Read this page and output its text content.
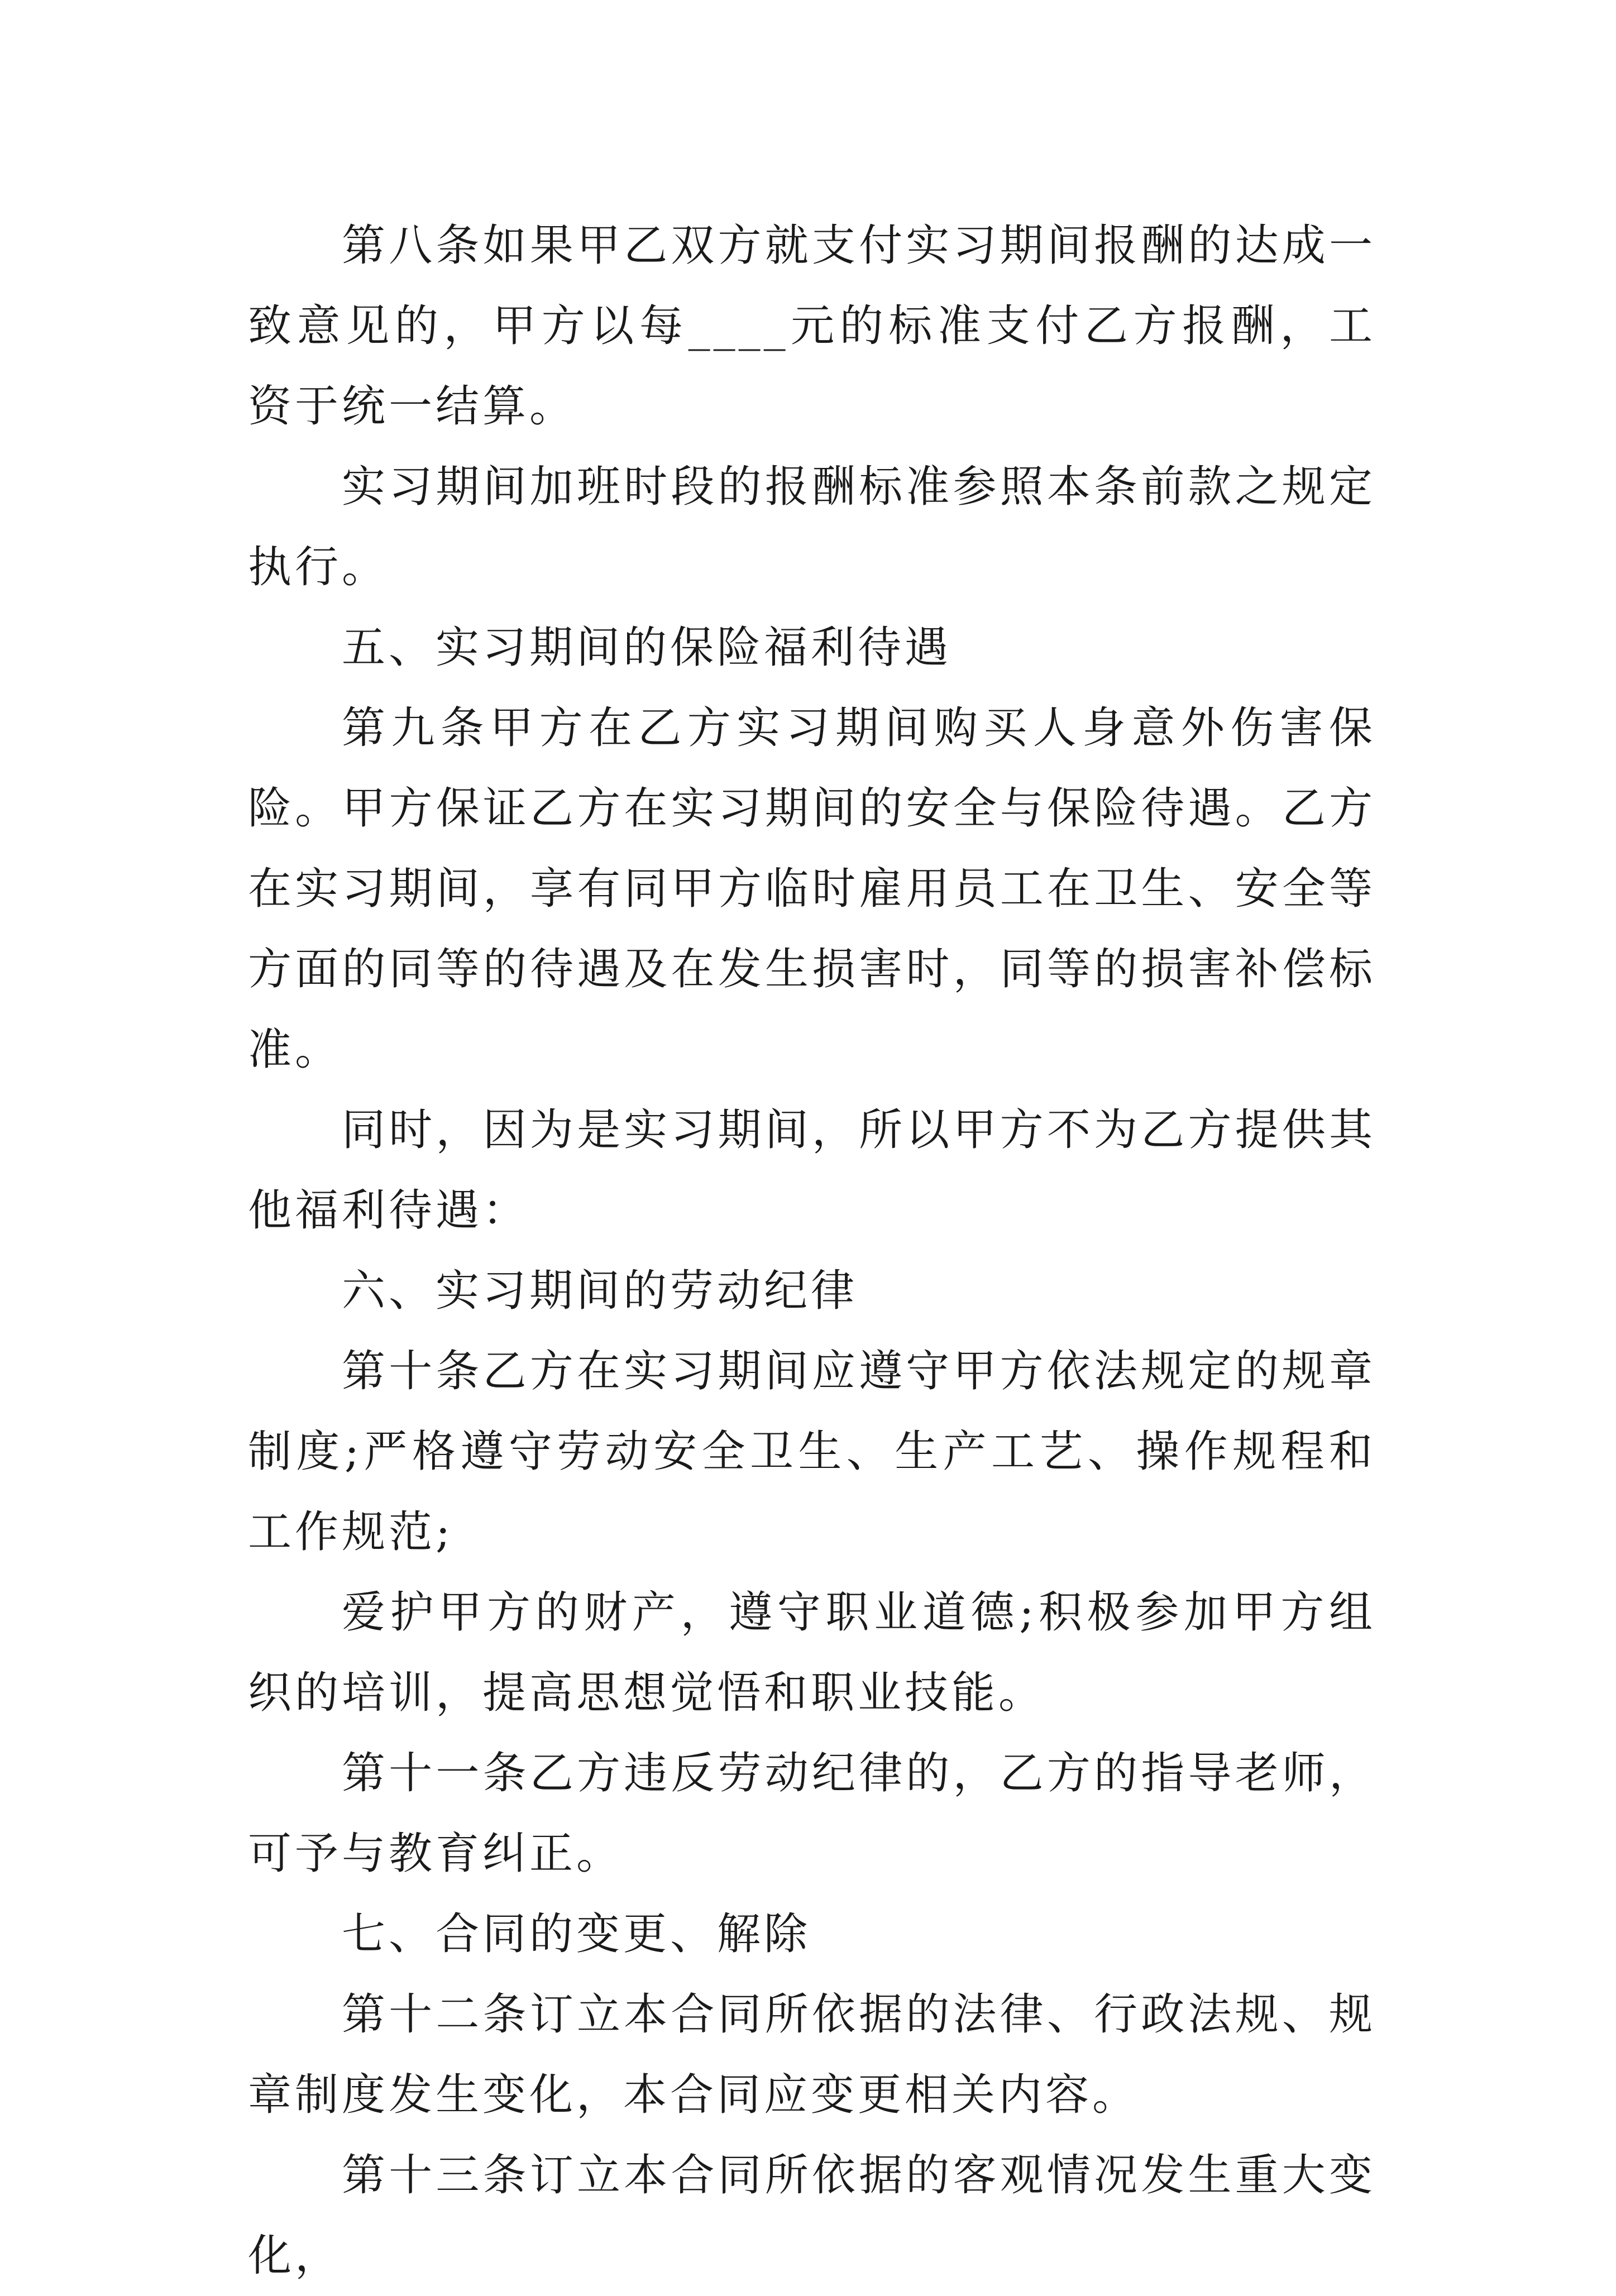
第八条如果甲乙双方就支付实习期间报酬的达成一致意见的，甲方以每____元的标准支付乙方报酬，工资于统一结算。

实习期间加班时段的报酬标准参照本条前款之规定执行。

五、实习期间的保险福利待遇

第九条甲方在乙方实习期间购买人身意外伤害保险。甲方保证乙方在实习期间的安全与保险待遇。乙方在实习期间，享有同甲方临时雇用员工在卫生、安全等方面的同等的待遇及在发生损害时，同等的损害补偿标准。

同时，因为是实习期间，所以甲方不为乙方提供其他福利待遇：

六、实习期间的劳动纪律

第十条乙方在实习期间应遵守甲方依法规定的规章制度;严格遵守劳动安全卫生、生产工艺、操作规程和工作规范;

爱护甲方的财产，遵守职业道德;积极参加甲方组织的培训，提高思想觉悟和职业技能。

第十一条乙方违反劳动纪律的，乙方的指导老师，可予与教育纠正。

七、合同的变更、解除

第十二条订立本合同所依据的法律、行政法规、规章制度发生变化，本合同应变更相关内容。

第十三条订立本合同所依据的客观情况发生重大变化，
